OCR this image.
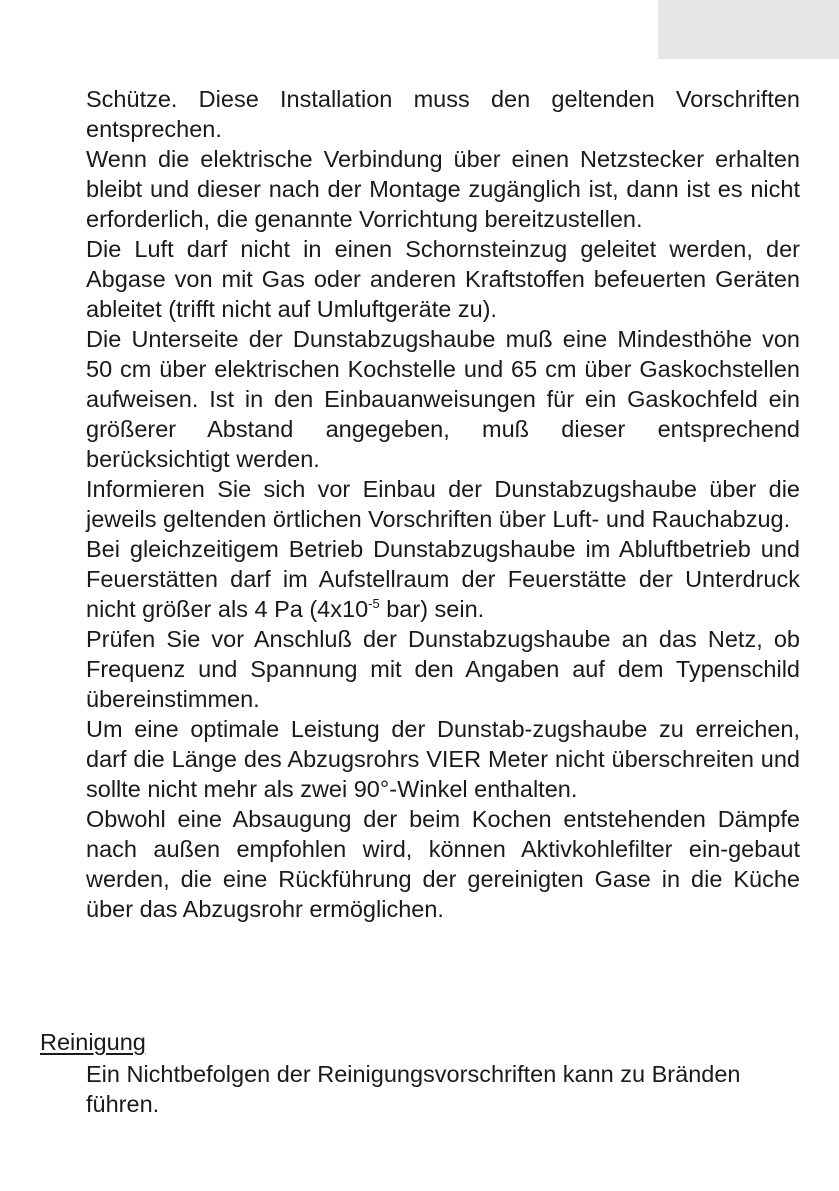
Schütze. Diese Installation muss den geltenden Vorschriften entsprechen.

Wenn die elektrische Verbindung über einen Netzstecker erhalten bleibt und dieser nach der Montage zugänglich ist, dann ist es nicht erforderlich, die genannte Vorrichtung bereitzustellen.

Die Luft darf nicht in einen Schornsteinzug geleitet werden, der Abgase von mit Gas oder anderen Kraftstoffen befeuerten Geräten ableitet (trifft nicht auf Umluftgeräte zu).

Die Unterseite der Dunstabzugshaube muß eine Mindesthöhe von 50 cm über elektrischen Kochstelle und 65 cm über Gaskochstellen aufweisen. Ist in den Einbauanweisungen für ein Gaskochfeld ein größerer Abstand angegeben, muß dieser entsprechend berücksichtigt werden.

Informieren Sie sich vor Einbau der Dunstabzugshaube über die jeweils geltenden örtlichen Vorschriften über Luft- und Rauchabzug.

Bei gleichzeitigem Betrieb Dunstabzugshaube im Abluftbetrieb und Feuerstätten darf im Aufstellraum der Feuerstätte der Unterdruck nicht größer als 4 Pa ($4x10^{-5}$ bar) sein.

Prüfen Sie vor Anschluß der Dunstabzugshaube an das Netz, ob Frequenz und Spannung mit den Angaben auf dem Typenschild übereinstimmen.

Um eine optimale Leistung der Dunstab-zugshaube zu erreichen, darf die Länge des Abzugsrohrs VIER Meter nicht überschreiten und sollte nicht mehr als zwei 90°-Winkel enthalten.

Obwohl eine Absaugung der beim Kochen entstehenden Dämpfe nach außen empfohlen wird, können Aktivkohlefilter ein-gebaut werden, die eine Rückführung der gereinigten Gase in die Küche über das Abzugsrohr ermöglichen.

Reinigung

Ein Nichtbefolgen der Reinigungsvorschriften kann zu Bränden führen.
